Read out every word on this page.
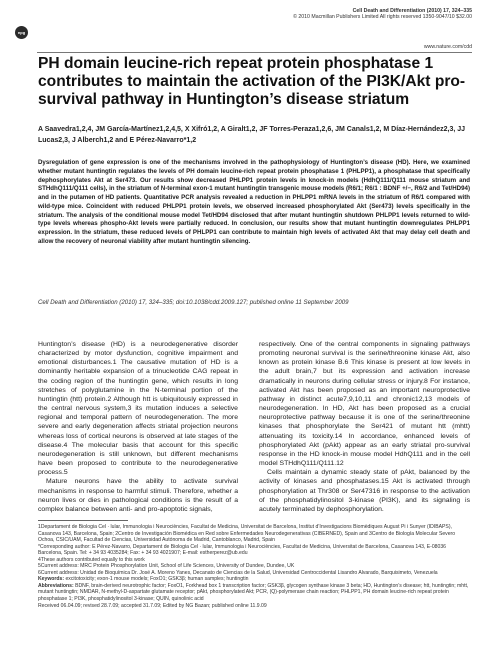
npg
Cell Death and Differentiation (2010) 17, 324–335
© 2010 Macmillan Publishers Limited All rights reserved 1350-9047/10 $32.00
www.nature.com/cdd
PH domain leucine-rich repeat protein phosphatase 1 contributes to maintain the activation of the PI3K/Akt pro-survival pathway in Huntington’s disease striatum
A Saavedra1,2,4, JM García-Martínez1,2,4,5, X Xifró1,2, A Giralt1,2, JF Torres-Peraza1,2,6, JM Canals1,2, M Díaz-Hernández2,3, JJ Lucas2,3, J Alberch1,2 and E Pérez-Navarro*1,2
Dysregulation of gene expression is one of the mechanisms involved in the pathophysiology of Huntington’s disease (HD). Here, we examined whether mutant huntingtin regulates the levels of PH domain leucine-rich repeat protein phosphatase 1 (PHLPP1), a phosphatase that specifically dephosphorylates Akt at Ser473. Our results show decreased PHLPP1 protein levels in knock-in models (HdhQ111/Q111 mouse striatum and STHdhQ111/Q111 cells), in the striatum of N-terminal exon-1 mutant huntingtin transgenic mouse models (R6/1; R6/1 : BDNF +/−, R6/2 and Tet/HD94) and in the putamen of HD patients. Quantitative PCR analysis revealed a reduction in PHLPP1 mRNA levels in the striatum of R6/1 compared with wild-type mice. Coincident with reduced PHLPP1 protein levels, we observed increased phosphorylated Akt (Ser473) levels specifically in the striatum. The analysis of the conditional mouse model Tet/HD94 disclosed that after mutant huntingtin shutdown PHLPP1 levels returned to wild-type levels whereas phospho-Akt levels were partially reduced. In conclusion, our results show that mutant huntingtin downregulates PHLPP1 expression. In the striatum, these reduced levels of PHLPP1 can contribute to maintain high levels of activated Akt that may delay cell death and allow the recovery of neuronal viability after mutant huntingtin silencing.
Cell Death and Differentiation (2010) 17, 324–335; doi:10.1038/cdd.2009.127; published online 11 September 2009

Huntington’s disease (HD) is a neurodegenerative disorder characterized by motor dysfunction, cognitive impairment and emotional disturbances.1 The causative mutation of HD is a dominantly heritable expansion of a trinucleotide CAG repeat in the coding region of the huntingtin gene, which results in long stretches of polyglutamine in the N-terminal portion of the huntingtin (htt) protein.2 Although htt is ubiquitously expressed in the central nervous system,3 its mutation induces a selective regional and temporal pattern of neurodegeneration. The more severe and early degeneration affects striatal projection neurons whereas loss of cortical neurons is observed at late stages of the disease.4 The molecular basis that account for this specific neurodegeneration is still unknown, but different mechanisms have been proposed to contribute to the neurodegenerative process.5

Mature neurons have the ability to activate survival mechanisms in response to harmful stimuli. Therefore, whether a neuron lives or dies in pathological conditions is the result of a complex balance between anti- and pro-apoptotic signals,

respectively. One of the central components in signaling pathways promoting neuronal survival is the serine/threonine kinase Akt, also known as protein kinase B.6 This kinase is present at low levels in the adult brain,7 but its expression and activation increase dramatically in neurons during cellular stress or injury.8 For instance, activated Akt has been proposed as an important neuroprotective pathway in distinct acute7,9,10,11 and chronic12,13 models of neurodegeneration. In HD, Akt has been proposed as a crucial neuroprotective pathway because it is one of the serine/threonine kinases that phosphorylate the Ser421 of mutant htt (mhtt) attenuating its toxicity.14 In accordance, enhanced levels of phosphorylated Akt (pAkt) appear as an early striatal pro-survival response in the HD knock-in mouse model HdhQ111 and in the cell model STHdhQ111/Q111.12

Cells maintain a dynamic steady state of pAkt, balanced by the activity of kinases and phosphatases.15 Akt is activated through phosphorylation at Thr308 or Ser47316 in response to the activation of the phosphatidylinositol 3-kinase (PI3K), and its signaling is acutely terminated by dephosphorylation.

1Departament de Biologia Cel · lular, Immunologia i Neurociències, Facultat de Medicina, Universitat de Barcelona, Institut d’Investigacions Biomèdiques August Pi i Sunyer (IDIBAPS), Casanova 143, Barcelona, Spain; 2Centro de Investigación Biomédica en Red sobre Enfermedades Neurodegenerativas (CIBERNED), Spain and 3Centro de Biología Molecular Severo Ochoa, CSIC/UAM, Facultad de Ciencias, Universidad Autónoma de Madrid, Cantoblanco, Madrid, Spain
*Corresponding author: E Pérez-Navarro, Departament de Biologia Cel · lular, Immunologia i Neurociències, Facultat de Medicina, Universitat de Barcelona, Casanova 143, E-08036 Barcelona, Spain. Tel: + 34 93 4035284; Fax: + 34 93 4021907; E-mail: estherperez@ub.edu
4These authors contributed equally to this work
5Current address: MRC Protein Phosphorylation Unit, School of Life Sciences, University of Dundee, Dundee, UK
6Current address: Unidad de Bioquímica Dr. José A. Moreno Yanes, Decanato de Ciencias de la Salud, Universidad Centroccidental Lisandro Alvarado, Barquisimeto, Venezuela
Keywords: excitotoxicity; exon-1 mouse models; FoxO1; GSK3β; human samples; huntingtin
Abbreviations: BDNF, brain-derived neurotrophic factor; FoxO1, Forkhead box 1 transcription factor; GSK3β, glycogen synthase kinase 3 beta; HD, Huntington’s disease; htt, huntingtin; mhtt, mutant huntingtin; NMDAR, N-methyl-D-aspartate glutamate receptor; pAkt, phosphorylated Akt; PCR, (Q)-polymerase chain reaction; PHLPP1, PH domain leucine-rich repeat protein phosphatase 1; PI3K, phosphatidylinositol 3-kinase; QUIN, quinolinic acid
Received 06.04.09; revised 28.7.09; accepted 31.7.09; Edited by NG Bazan; published online 11.9.09
